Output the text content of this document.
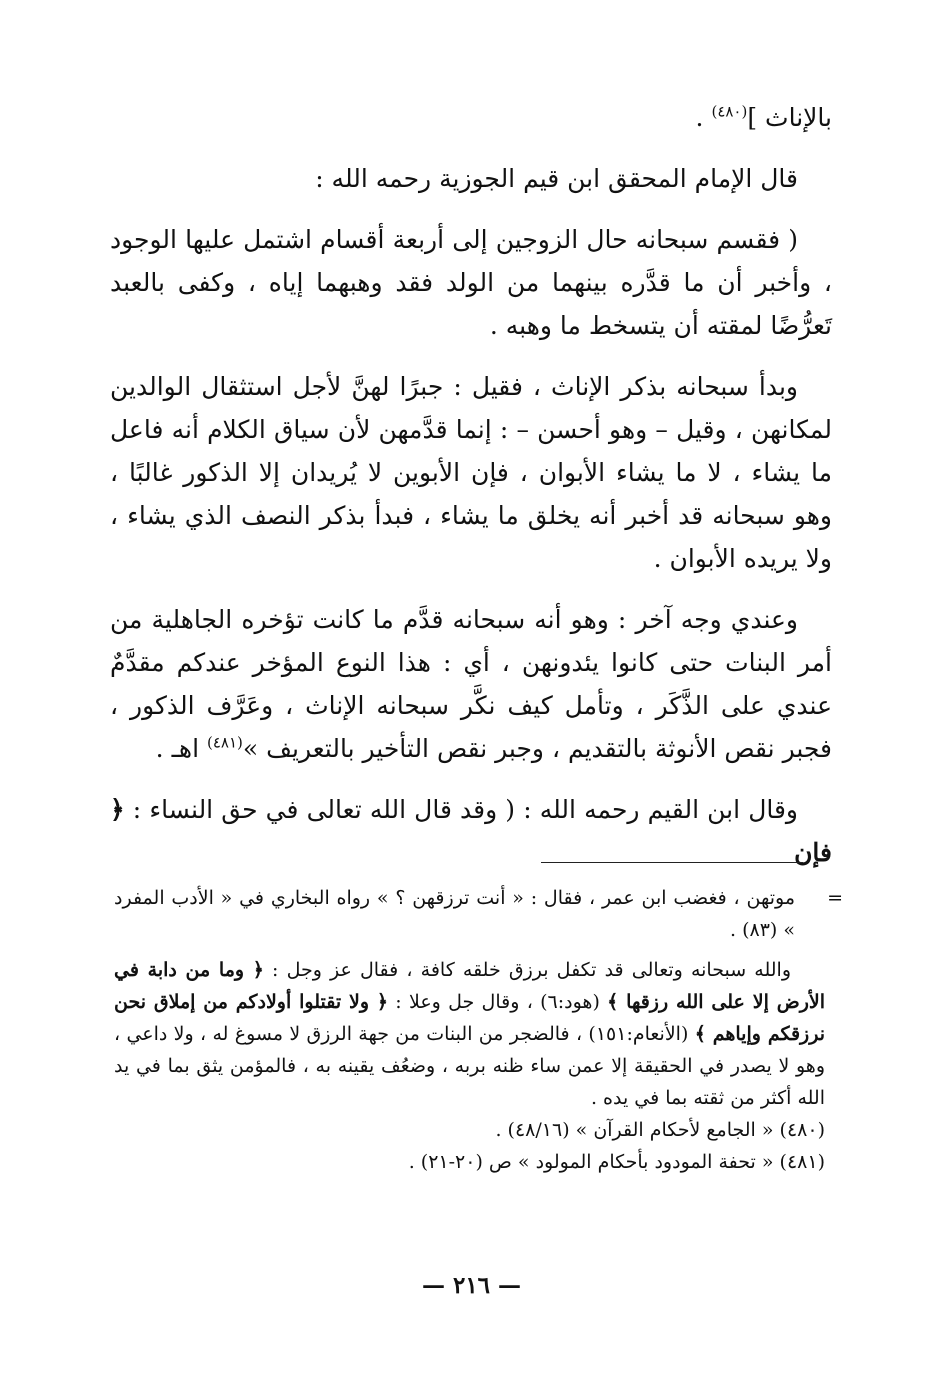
بالإناث ]$^{(٤٨٠)}$ .

قال الإمام المحقق ابن قيم الجوزية رحمه الله :

( فقسم سبحانه حال الزوجين إلى أربعة أقسام اشتمل عليها الوجود ، وأخبر أن ما قدَّره بينهما من الولد فقد وهبهما إياه ، وكفى بالعبد تَعرُّضًا لمقته أن يتسخط ما وهبه .

وبدأ سبحانه بذكر الإناث ، فقيل : جبرًا لهنَّ لأجل استثقال الوالدين لمكانهن ، وقيل – وهو أحسن – : إنما قدَّمهن لأن سياق الكلام أنه فاعل ما يشاء ، لا ما يشاء الأبوان ، فإن الأبوين لا يُريدان إلا الذكور غالبًا ، وهو سبحانه قد أخبر أنه يخلق ما يشاء ، فبدأ بذكر النصف الذي يشاء ، ولا يريده الأبوان .

وعندي وجه آخر : وهو أنه سبحانه قدَّم ما كانت تؤخره الجاهلية من أمر البنات حتى كانوا يئدونهن ، أي : هذا النوع المؤخر عندكم مقدَّمٌ عندي على الذَّكَر ، وتأمل كيف نكَّر سبحانه الإناث ، وعَرَّف الذكور ، فجبر نقص الأنوثة بالتقديم ، وجبر نقص التأخير بالتعريف »$^{(٤٨١)}$ اهـ .

وقال ابن القيم رحمه الله : ( وقد قال الله تعالى في حق النساء : ﴿ فإن

=
موتهن ، فغضب ابن عمر ، فقال : « أنت ترزقهن ؟ » رواه البخاري في « الأدب المفرد » (٨٣) .

والله سبحانه وتعالى قد تكفل برزق خلقه كافة ، فقال عز وجل : ﴿ وما من دابة في الأرض إلا على الله رزقها ﴾ (هود:٦) ، وقال جل وعلا : ﴿ ولا تقتلوا أولادكم من إملاق نحن نرزقكم وإياهم ﴾ (الأنعام:١٥١) ، فالضجر من البنات من جهة الرزق لا مسوغ له ، ولا داعي ، وهو لا يصدر في الحقيقة إلا عمن ساء ظنه بربه ، وضعُف يقينه به ، فالمؤمن يثق بما في يد الله أكثر من ثقته بما في يده .

(٤٨٠) « الجامع لأحكام القرآن » (٤٨/١٦) .

(٤٨١) « تحفة المودود بأحكام المولود » ص (٢٠-٢١) .

— ٢١٦ —
